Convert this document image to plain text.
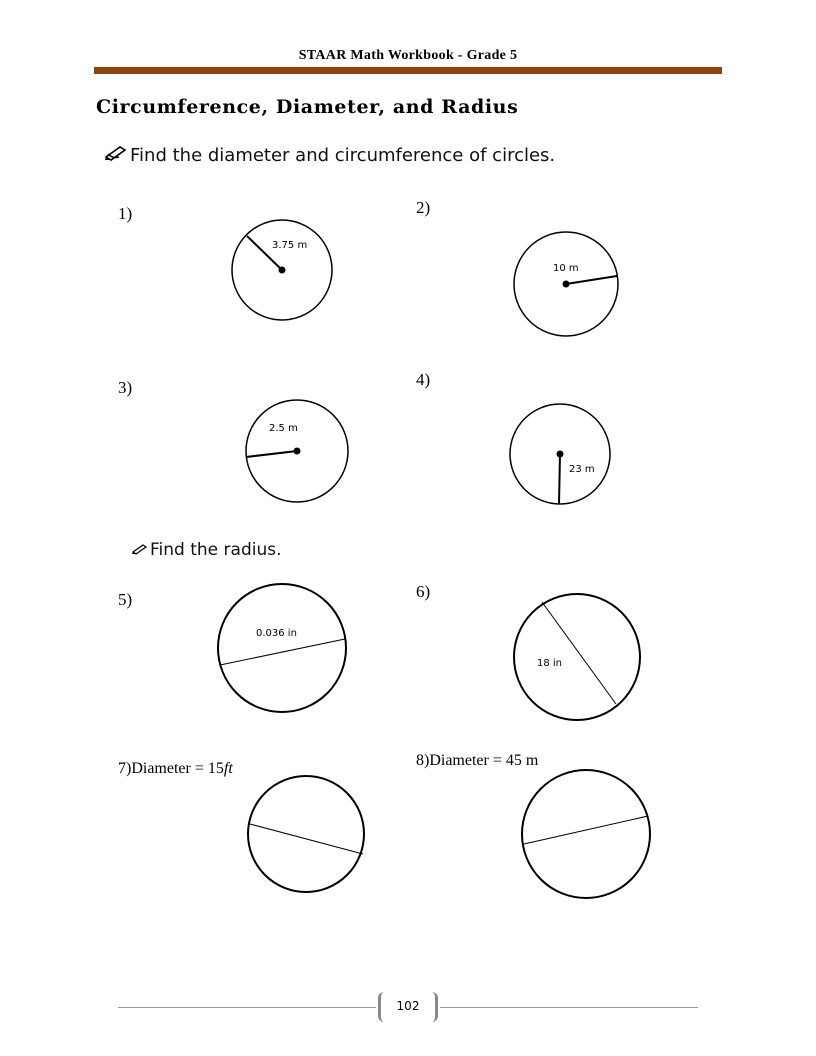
STAAR Math Workbook - Grade 5
Circumference, Diameter, and Radius
Find the diameter and circumference of circles.
1)	2)
3)	4)
Find the radius.
5)	6)
7)Diameter = 15ft	8)Diameter = 45 m
3.75 m
10 m
2.5 m
23 m
0.036 in
18 in
102
